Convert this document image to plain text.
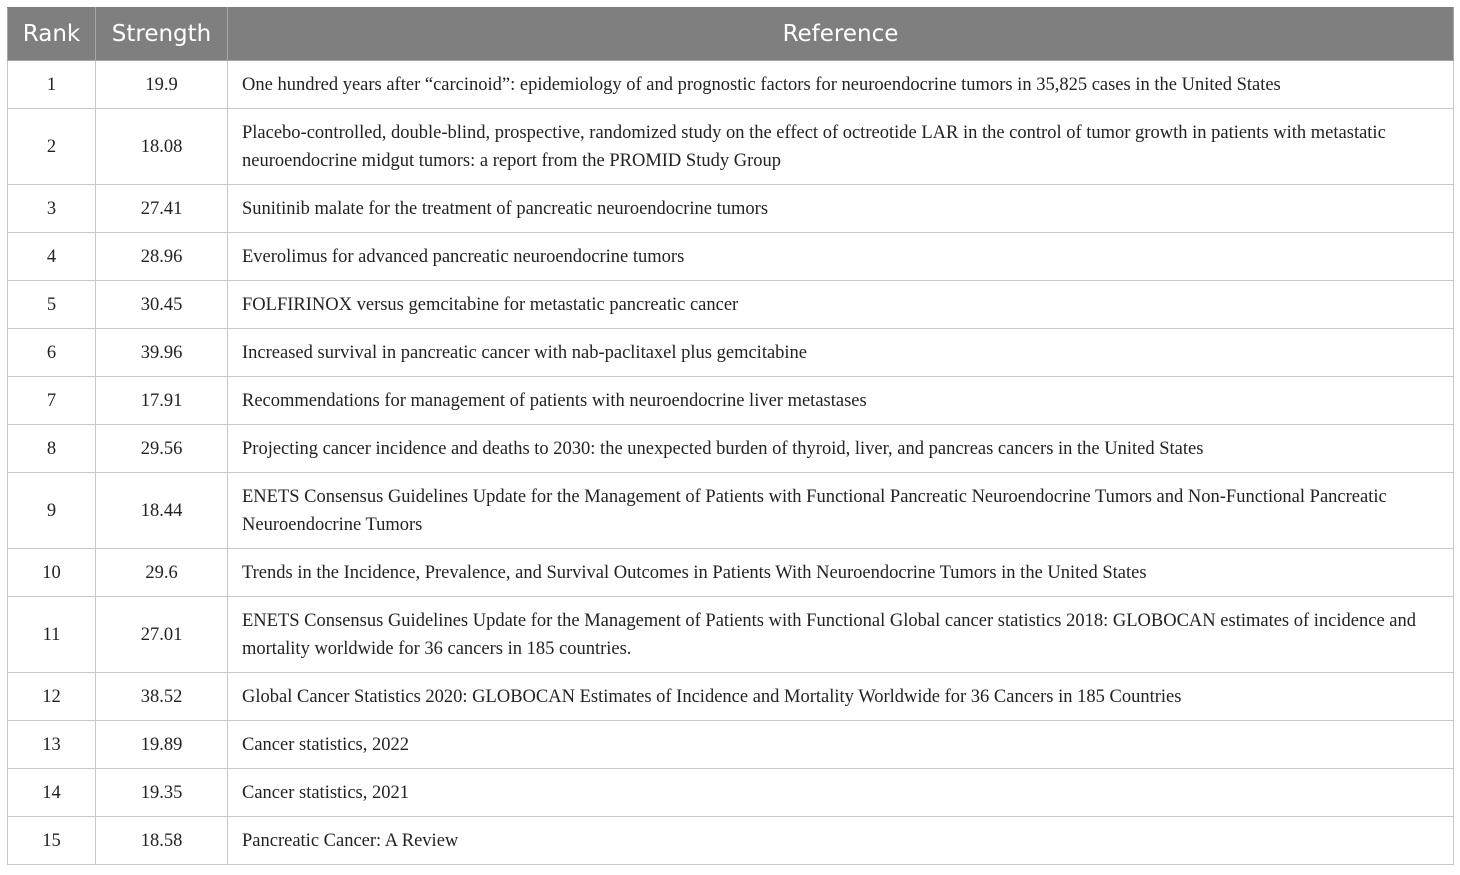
Rank	Strength	Reference
1	19.9	One hundred years after “carcinoid”: epidemiology of and prognostic factors for neuroendocrine tumors in 35,825 cases in the United States
2	18.08	Placebo-controlled, double-blind, prospective, randomized study on the effect of octreotide LAR in the control of tumor growth in patients with metastatic neuroendocrine midgut tumors: a report from the PROMID Study Group
3	27.41	Sunitinib malate for the treatment of pancreatic neuroendocrine tumors
4	28.96	Everolimus for advanced pancreatic neuroendocrine tumors
5	30.45	FOLFIRINOX versus gemcitabine for metastatic pancreatic cancer
6	39.96	Increased survival in pancreatic cancer with nab-paclitaxel plus gemcitabine
7	17.91	Recommendations for management of patients with neuroendocrine liver metastases
8	29.56	Projecting cancer incidence and deaths to 2030: the unexpected burden of thyroid, liver, and pancreas cancers in the United States
9	18.44	ENETS Consensus Guidelines Update for the Management of Patients with Functional Pancreatic Neuroendocrine Tumors and Non-Functional Pancreatic Neuroendocrine Tumors
10	29.6	Trends in the Incidence, Prevalence, and Survival Outcomes in Patients With Neuroendocrine Tumors in the United States
11	27.01	ENETS Consensus Guidelines Update for the Management of Patients with Functional Global cancer statistics 2018: GLOBOCAN estimates of incidence and mortality worldwide for 36 cancers in 185 countries.
12	38.52	Global Cancer Statistics 2020: GLOBOCAN Estimates of Incidence and Mortality Worldwide for 36 Cancers in 185 Countries
13	19.89	Cancer statistics, 2022
14	19.35	Cancer statistics, 2021
15	18.58	Pancreatic Cancer: A Review
